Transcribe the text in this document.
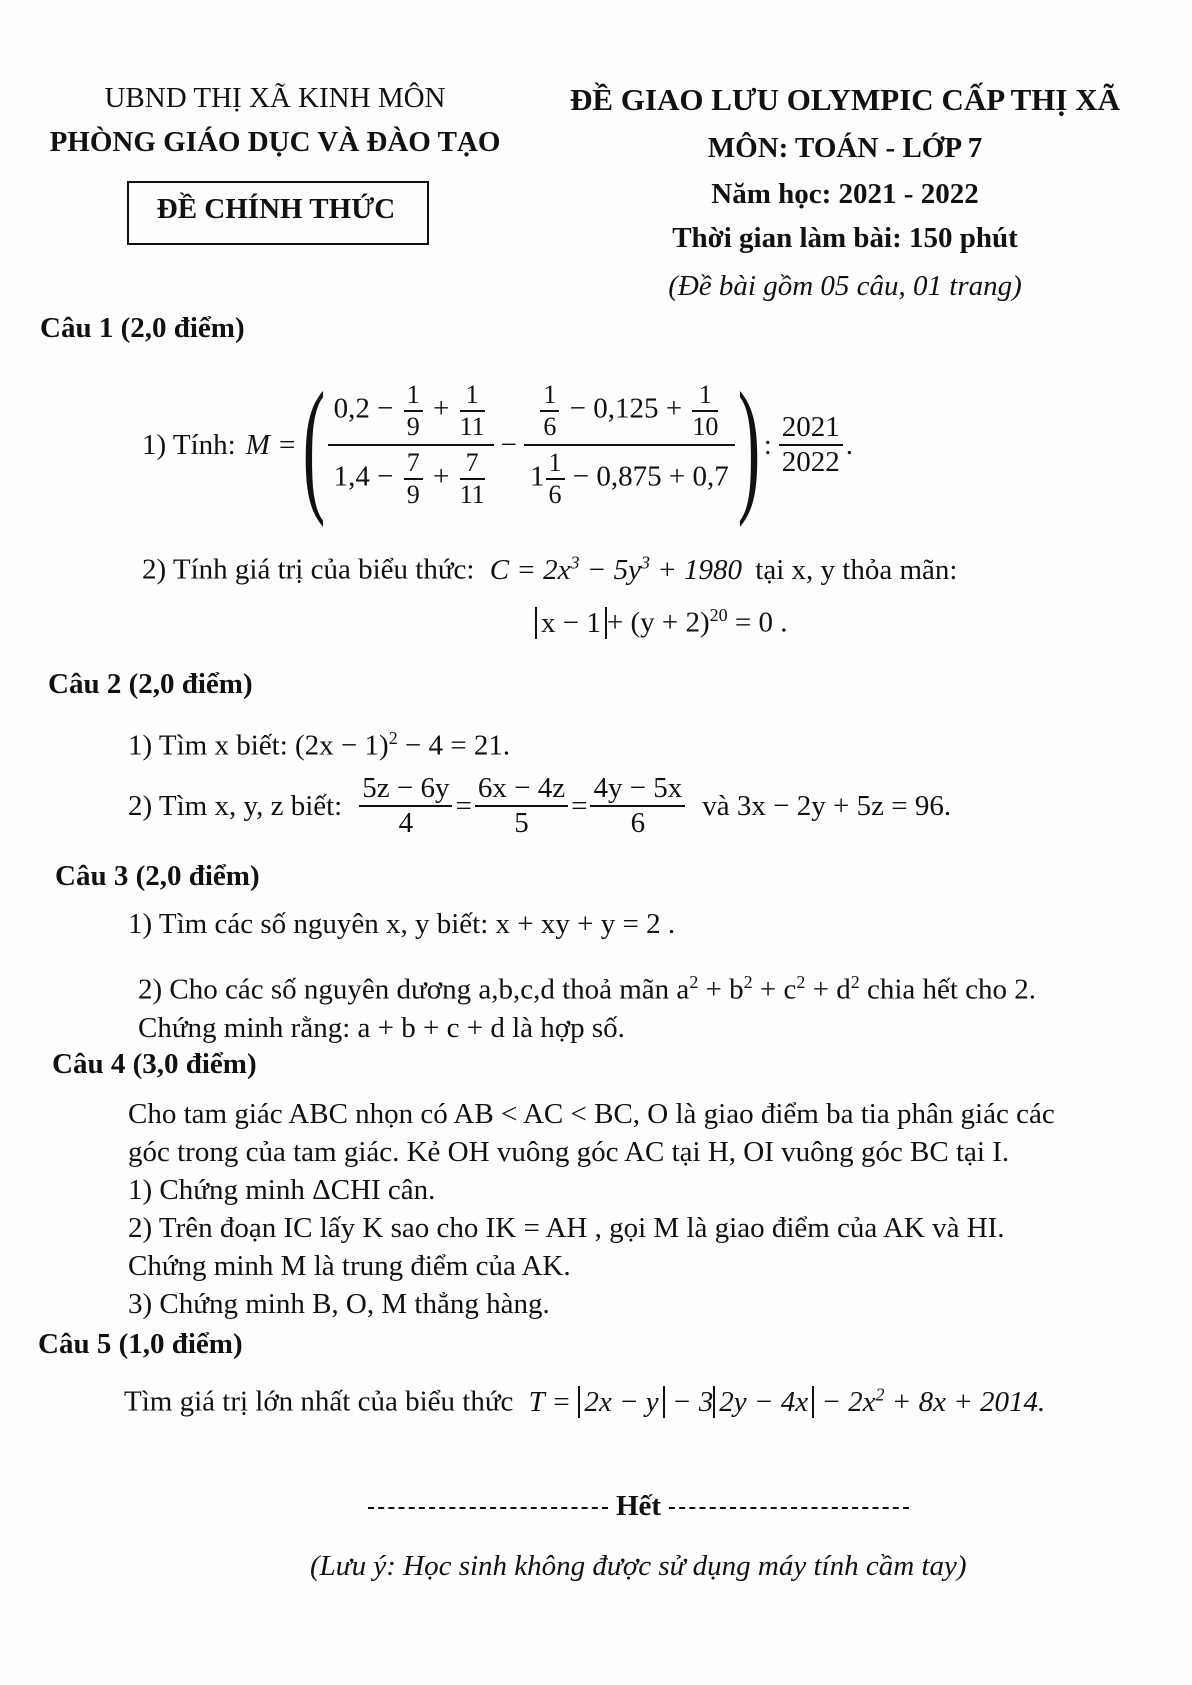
UBND THỊ XÃ KINH MÔN
PHÒNG GIÁO DỤC VÀ ĐÀO TẠO
ĐỀ CHÍNH THỨC
ĐỀ GIAO LƯU OLYMPIC CẤP THỊ XÃ
MÔN: TOÁN - LỚP 7
Năm học: 2021 - 2022
Thời gian làm bài: 150 phút
(Đề bài gồm 05 câu, 01 trang)
Câu 1 (2,0 điểm)
1) Tính: M = ( $\frac{0,2 - \frac{1}{9} + \frac{1}{11}}{1,4 - \frac{7}{9} + \frac{7}{11}} - \frac{\frac{1}{6} - 0,125 + \frac{1}{10}}{1 \frac{1}{6} - 0,875 + 0,7}$ ) : $\frac{2021}{2022}$ .
2) Tính giá trị của biểu thức: $C = 2x^3 - 5y^3 + 1980$ tại x, y thỏa mãn:
$x - 1 + (y + 2)^{20} = 0$ .
Câu 2 (2,0 điểm)
1) Tìm x biết: $(2x - 1)^2 - 4 = 21$.
2) Tìm x, y, z biết: $\frac{5z - 6y}{4} = \frac{6x - 4z}{5} = \frac{4y - 5x}{6}$ và 3x − 2y + 5z = 96.
Câu 3 (2,0 điểm)
1) Tìm các số nguyên x, y biết: x + xy + y = 2 .
2) Cho các số nguyên dương a,b,c,d thoả mãn $a^2 + b^2 + c^2 + d^2$ chia hết cho 2.
Chứng minh rằng: a + b + c + d là hợp số.
Câu 4 (3,0 điểm)
Cho tam giác ABC nhọn có AB < AC < BC, O là giao điểm ba tia phân giác các
góc trong của tam giác. Kẻ OH vuông góc AC tại H, OI vuông góc BC tại I.
1) Chứng minh ΔCHI cân.
2) Trên đoạn IC lấy K sao cho IK = AH , gọi M là giao điểm của AK và HI.
Chứng minh M là trung điểm của AK.
3) Chứng minh B, O, M thẳng hàng.
Câu 5 (1,0 điểm)
Tìm giá trị lớn nhất của biểu thức T = 2x − y − 3 $2y - 4x - 2x^2 + 8x + 2014$.
Hết
(Lưu ý: Học sinh không được sử dụng máy tính cầm tay)
